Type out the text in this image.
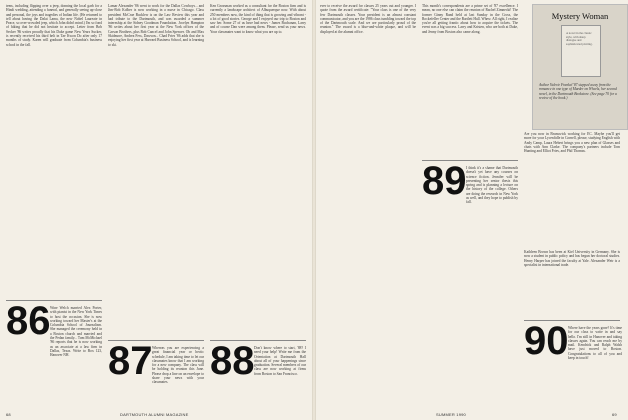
tems, including flipping over a jeep, donning the local garb for a Hindi wedding, attending a funeral, and generally seeing up-close and personal, the joys and tragedies of Indian life. (He returned to tell about having the Dalai Lama, the new Nobel Laureate in Peace, so over-crowded jeep, which John didn't mind.) I'm so fond of hiking that he did not hesitate to accept. Letter from Bob Secker '86 writes proudly that his Duke game New Years Sucker, is recently received his third belt in Tae Kwon Do after only 17 months of study. Karen will graduate from Columbia's business school in the fall.

Lamar Alexander '86 went to work for the Dallas Cowboys... and Jim-Bob Kolber is now working in a nurse in Chicago. Class president McCrae Bucklew is on the Law Review this year and had tribute to the Dartmouth, and was awarded a summer internship at the Sidney Goodman Foundation. Jocelyn Hampton '86 writes about her first year at the New York offices of the Carson Brothers, plus Bob Cancel and John Spencer. Oh and Max Skidmore, Andrea Fess, Dawson... Chad Fries '86 adds that she is enjoying her first year at Harvard Business School, and is learning to ski.

Ken Grossman worked as a consultant for the Boston firm and is currently a landscape architect of Albuquerque now. With about 250 members now, the kind of thing that is growing and vibrant - a lot of good stories. George and I enjoyed our trip to Boston and saw her. Some 27 of us have had news - James Buchanan, Larry and of course Dan were among them. Please, send us your news. Your classmates want to know what you are up to.

86 Wine Welch married Alex Porter, with pianist in the New York Times to host the occasion. She is now working toward her Master's at the Columbia School of Journalism. She managed the ceremony held in a Boston church and married and the Pedan family... Tom McMichael '86 reports that he is now working as an associate at a law firm in Dallas, Texas. Write to Box 123, Hanover NH. 87 Whereas you are experiencing a great financial year or hectic schedule, I am taking time to let our classmates know that I am working for a new company. The class will be holding its reunion this June. Please drop a line on an envelope to share your news with your classmates.	88 Don't know where to start, '88? I need your help! Write me from the Orientation at Dartmouth Hall about all of your happenings since graduation. Several members of our class are now working at firms from Boston to San Francisco.

68	DARTMOUTH ALUMNI MAGAZINE

ever to receive the award for classes 25 years out and younger. I quote from the award certificate: "Your class is one of the very few Dartmouth classes. Your president is an almost constant communicator, and you are the 1986 class tumbling toward the top of the Dartmouth scale. And we are particularly proud of the reunion." The award is a blue-and-white plaque, and will be displayed at the alumni office.

This month's correspondents are a prime set of '87 excellence. I mean, no one else can claim the reunion of Rachel Zimnecki! The former Ginny Rand held at last Sunday in the Cross, the Rockefeller Center and the Bartlett Hall. Whew. All right, I realize you're all getting frantic about how to acquire the tickets. The event was a big success. Larry and Kristen, who are both at Duke, and Jenny from Boston also came along.

Mystery Woman
A novel in the classic style, with sharp dialogue and sophisticated plotting.
Author Valerie Frankel '87 stepped away from the romance in one type of Murder on Wheels, her second novel, in the Dartmouth Bookstore. (See page 70 for a review of the book.)

Are you now in Brunswick working for EC. Maybe you'll get more for your Lycenfidle in Cornell, please, studying English with Andy Camp, Laura Hebert brings you a new plan of Glasses and chats with Ann Clarke. The company's partners include Tom Hunting and Elliot Fries, and Phil Thomas.

Kathleen Brown has been at Kiel University in Germany. She is now a student in public policy and has begun her doctoral studies. Henry Harper has joined the faculty at Yale. Alexander Weir is a specialist in international trade.

89 I think it's a shame that Dartmouth doesn't yet have any courses on science fiction. Jennifer will be presenting her senior thesis this spring and is planning a lecture on the history of the college. Others are doing the research in New York as well, and they hope to publish by fall.

90 Where have the years gone? It's time for our class to write in and say hello. I'm still in Hanover and taking classes again. You can reach me by mail. Kendrick and Ralph Walsh have just moved to Boston. Congratulations to all of you and keep in touch!

SUMMER 1990	69
